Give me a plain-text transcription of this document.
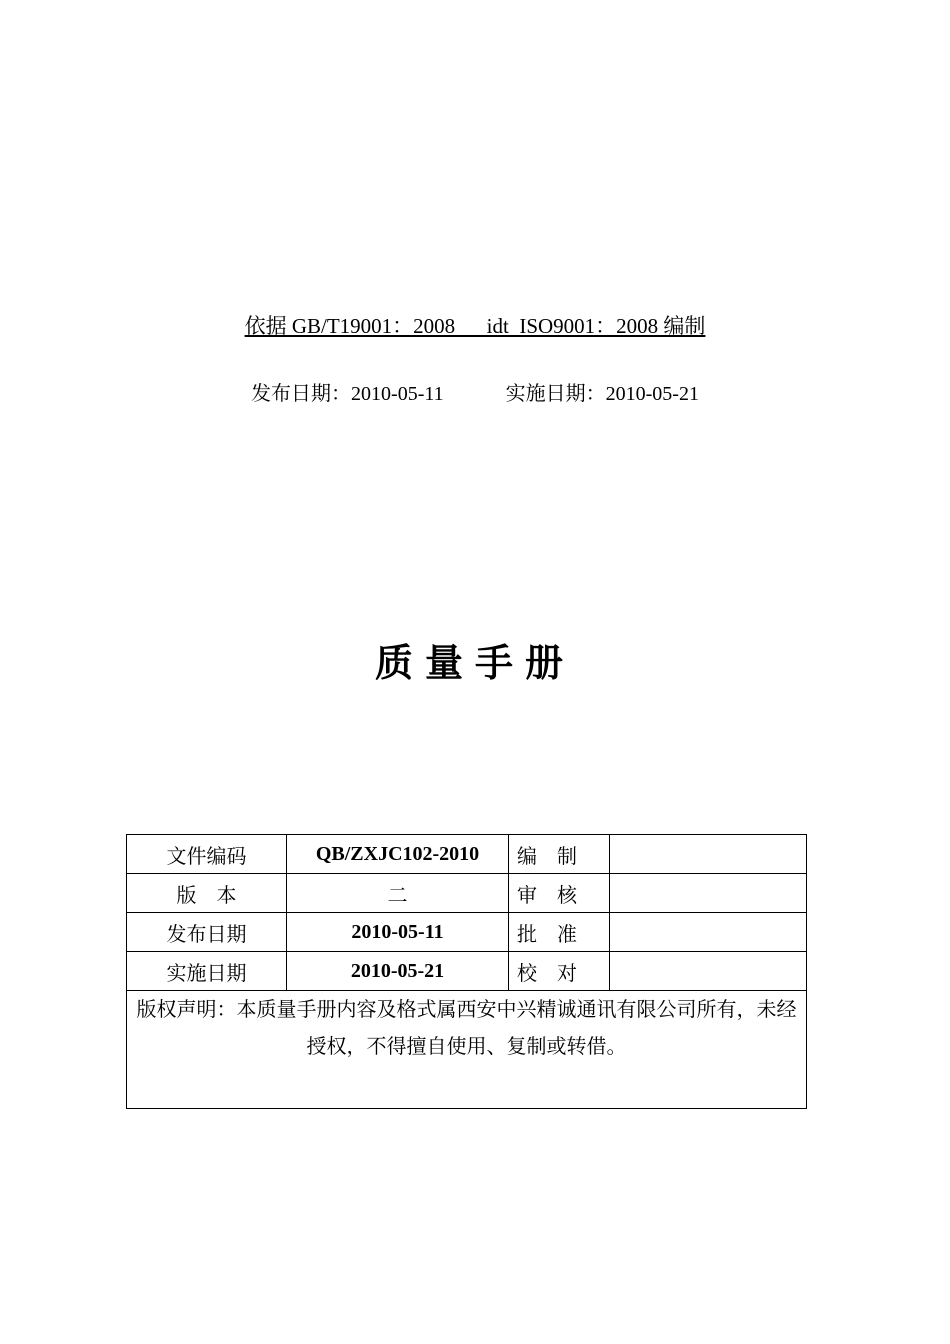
依据 GB/T19001：2008      idt  ISO9001：2008 编制
发布日期：2010-05-11	实施日期：2010-05-21
质量手册
文件编码	QB/ZXJC102-2010	编　制	
版　本	二	审　核	
发布日期	2010-05-11	批　准	
实施日期	2010-05-21	校　对	
版权声明：本质量手册内容及格式属西安中兴精诚通讯有限公司所有，未经授权，不得擅自使用、复制或转借。			
